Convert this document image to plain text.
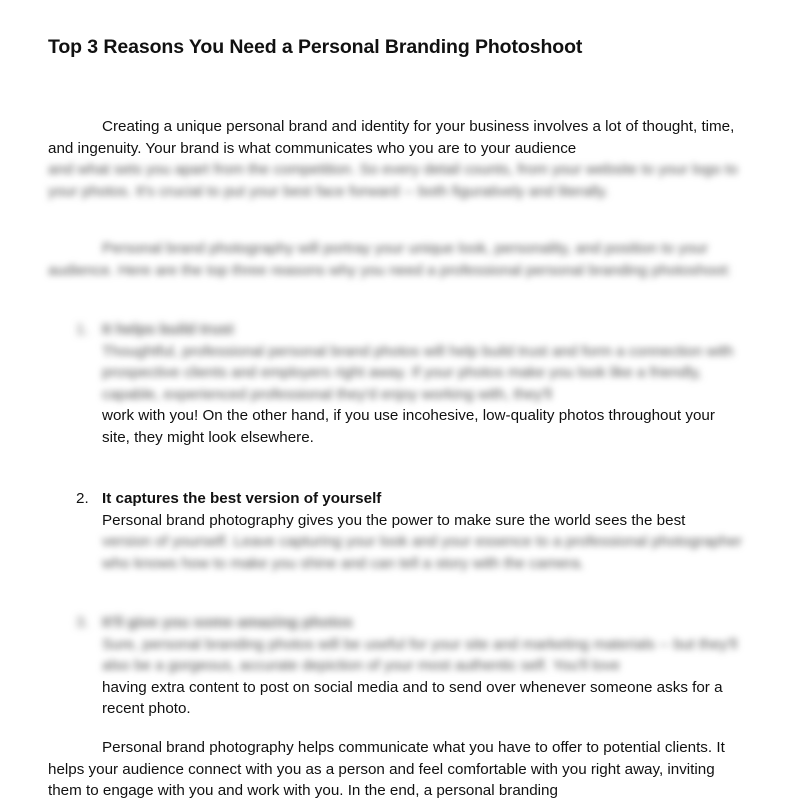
Top 3 Reasons You Need a Personal Branding Photoshoot

Creating a unique personal brand and identity for your business involves a lot of thought, time, and ingenuity. Your brand is what communicates who you are to your audience

and what sets you apart from the competition. So every detail counts, from your website to your logo to your photos. It's crucial to put your best face forward -- both figuratively and literally.

Personal brand photography will portray your unique look, personality, and position to your audience. Here are the top three reasons why you need a professional personal branding photoshoot:

1. It helps build trust
Thoughtful, professional personal brand photos will help build trust and form a connection with prospective clients and employers right away. If your photos make you look like a friendly, capable, experienced professional they'd enjoy working with, they'll
work with you! On the other hand, if you use incohesive, low-quality photos throughout your site, they might look elsewhere.
2. It captures the best version of yourself
Personal brand photography gives you the power to make sure the world sees the best
version of yourself. Leave capturing your look and your essence to a professional photographer who knows how to make you shine and can tell a story with the camera.
3. It'll give you some amazing photos
Sure, personal branding photos will be useful for your site and marketing materials -- but they'll also be a gorgeous, accurate depiction of your most authentic self. You'll love
having extra content to post on social media and to send over whenever someone asks for a recent photo.

Personal brand photography helps communicate what you have to offer to potential clients. It helps your audience connect with you as a person and feel comfortable with you right away, inviting them to engage with you and work with you. In the end, a personal branding
